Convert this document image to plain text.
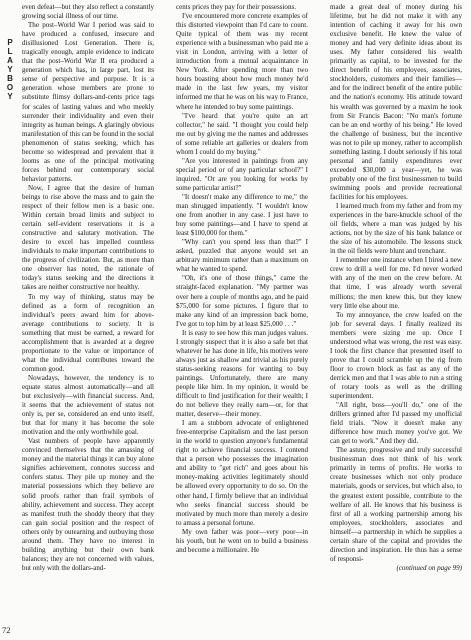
P
L
A
Y
B
O
Y

even defeat—but they also reflect a constantly growing social illness of our time.

The post–World War I period was said to have produced a confused, insecure and disillusioned Lost Generation. There is, tragically enough, ample evidence to indicate that the post–World War II era produced a generation which has, in large part, lost its sense of perspective and purpose. It is a generation whose members are prone to substitute flimsy dollars-and-cents price tags for scales of lasting values and who meekly surrender their individuality and even their integrity as human beings. A glaringly obvious manifestation of this can be found in the social phenomenon of status seeking, which has become so widespread and prevalent that it looms as one of the principal motivating forces behind our contemporary social behavior patterns.

Now, I agree that the desire of human beings to rise above the mass and to gain the respect of their fellow men is a basic one. Within certain broad limits and subject to certain self-evident reservations it is a constructive and salutary motivation. The desire to excel has impelled countless individuals to make important contributions to the progress of civilization. But, as more than one observer has noted, the rationale of today's status seeking and the directions it takes are neither constructive nor healthy.

To my way of thinking, status may be defined as a form of recognition an individual's peers award him for above-average contributions to society. It is something that must be earned, a reward for accomplishment that is awarded at a degree proportionate to the value or importance of what the individual contributes toward the common good.

Nowadays, however, the tendency is to equate status almost automatically—and all but exclusively—with financial success. And, it seems that the achievement of status not only is, per se, considered an end unto itself, but that for many it has become the sole motivation and the only worthwhile goal.

Vast numbers of people have apparently convinced themselves that the amassing of money and the material things it can buy alone signifies achievement, connotes success and confers status. They pile up money and the material possessions which they believe are solid proofs rather than frail symbols of ability, achievement and success. They accept as manifest truth the shoddy theory that they can gain social position and the respect of others only by outearning and outbuying those around them. They have no interest in building anything but their own bank balances; they are not concerned with values, but only with the dollars-and-

cents prices they pay for their possessions.

I've encountered more concrete examples of this distorted viewpoint than I'd care to count. Quite typical of them was my recent experience with a businessman who paid me a visit in London, arriving with a letter of introduction from a mutual acquaintance in New York. After spending more than two hours boasting about how much money he'd made in the last few years, my visitor informed me that he was on his way to France, where he intended to buy some paintings.

"I've heard that you're quite an art collector," he said. "I thought you could help me out by giving me the names and addresses of some reliable art galleries or dealers from whom I could do my buying."

"Are you interested in paintings from any special period or of any particular school?" I inquired. "Or are you looking for works by some particular artist?"

"It doesn't make any difference to me," the man shrugged impatiently. "I wouldn't know one from another in any case. I just have to buy some paintings—and I have to spend at least $100,000 for them."

"Why can't you spend less than that?" I asked, puzzled that anyone would set an arbitrary minimum rather than a maximum on what he wanted to spend.

"Oh, it's one of those things," came the straight-faced explanation. "My partner was over here a couple of months ago, and he paid $75,000 for some pictures. I figure that to make any kind of an impression back home, I've got to top him by at least $25,000 . . ."

It is easy to see how this man judges values. I strongly suspect that it is also a safe bet that whatever he has done in life, his motives were always just as shallow and trivial as his purely status-seeking reasons for wanting to buy paintings. Unfortunately, there are many people like him. In my opinion, it would be difficult to find justification for their wealth; I do not believe they really earn—or, for that matter, deserve—their money.

I am a stubborn advocate of enlightened free-enterprise Capitalism and the last person in the world to question anyone's fundamental right to achieve financial success. I contend that a person who possesses the imagination and ability to "get rich" and goes about his money-making activities legitimately should be allowed every opportunity to do so. On the other hand, I firmly believe that an individual who seeks financial success should be motivated by much more than merely a desire to amass a personal fortune.

My own father was poor—very poor—in his youth, but he went on to build a business and become a millionaire. He

made a great deal of money during his lifetime, but he did not make it with any intention of caching it away for his own exclusive benefit. He knew the value of money and had very definite ideas about its uses. My father considered his wealth primarily as capital, to be invested for the direct benefit of his employees, associates, stockholders, customers and their families—and for the indirect benefit of the entire public and the nation's economy. His attitude toward his wealth was governed by a maxim he took from Sir Francis Bacon: "No man's fortune can be an end worthy of his being." He loved the challenge of business, but the incentive was not to pile up money, rather to accomplish something lasting. I doubt seriously if his total personal and family expenditures ever exceeded $30,000 a year—yet, he was probably one of the first businessmen to build swimming pools and provide recreational facilities for his employees.

I learned much from my father and from my experiences in the bare-knuckle school of the oil fields, where a man was judged by his actions, not by the size of his bank balance or the size of his automobile. The lessons stuck in the oil fields were blunt and trenchant.

I remember one instance when I hired a new crew to drill a well for me. I'd never worked with any of the men on the crew before. At that time, I was already worth several millions; the men knew this, but they knew very little else about me.

To my annoyance, the crew loafed on the job for several days. I finally realized its members were sizing me up. Once I understood what was wrong, the rest was easy. I took the first chance that presented itself to prove that I could scramble up the rig from floor to crown block as fast as any of the derrick men and that I was able to run a string of rotary tools as well as the drilling superintendent.

"All right, boss—you'll do," one of the drillers grinned after I'd passed my unofficial field trials. "Now it doesn't make any difference how much money you've got. We can get to work." And they did.

The astute, progressive and truly successful businessman does not think of his work primarily in terms of profits. He works to create businesses which not only produce materials, goods or services, but which also, to the greatest extent possible, contribute to the welfare of all. He knows that his business is first of all a working partnership among his employees, stockholders, associates and himself—a partnership in which he supplies a certain share of the capital and provides the direction and inspiration. He thus has a sense of responsi-

(continued on page 99)
72
